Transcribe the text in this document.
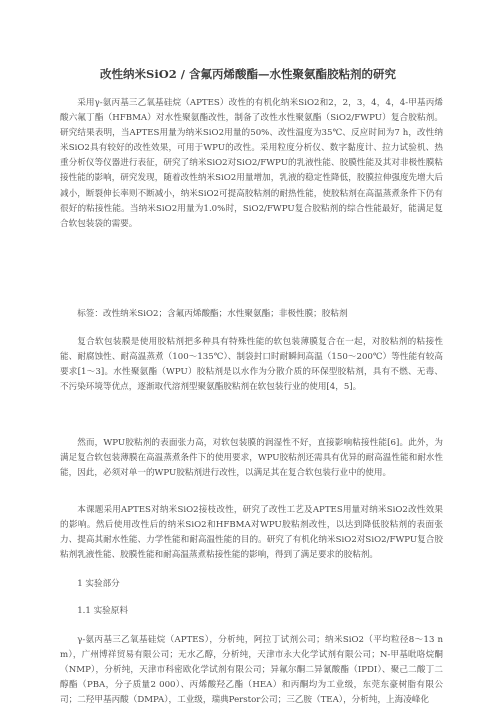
改性纳米SiO2 / 含氟丙烯酸酯—水性聚氨酯胶粘剂的研究

采用γ-氨丙基三乙氧基硅烷（APTES）改性的有机化纳米SiO2和2，2，3，4，4，4-甲基丙烯酸六氟丁酯（HFBMA）对水性聚氨酯改性，制备了改性水性聚氨酯（SiO2/FWPU）复合胶粘剂。研究结果表明，当APTES用量为纳米SiO2用量的50%、改性温度为35℃、反应时间为7 h，改性纳米SiO2具有较好的改性效果，可用于WPU的改性。采用粒度分析仪、数字黏度计、拉力试验机、热重分析仪等仪器进行表征，研究了纳米SiO2对SiO2/FWPU的乳液性能、胶膜性能及其对非极性膜粘接性能的影响，研究发现，随着改性纳米SiO2用量增加，乳液的稳定性降低，胶膜拉伸强度先增大后减小，断裂伸长率则不断减小，纳米SiO2可提高胶粘剂的耐热性能，使胶粘剂在高温蒸煮条件下仍有很好的粘接性能。当纳米SiO2用量为1.0%时，SiO2/FWPU复合胶粘剂的综合性能最好，能满足复合软包装袋的需要。

标签：改性纳米SiO2；含氟丙烯酸酯；水性聚氨酯；非极性膜；胶粘剂

复合软包装膜是使用胶粘剂把多种具有特殊性能的软包装薄膜复合在一起，对胶粘剂的粘接性能、耐腐蚀性、耐高温蒸煮（100～135℃）、制袋封口时耐瞬间高温（150～200℃）等性能有较高要求[1～3]。水性聚氨酯（WPU）胶粘剂是以水作为分散介质的环保型胶粘剂，具有不燃、无毒、不污染环境等优点，逐渐取代溶剂型聚氨酯胶粘剂在软包装行业的使用[4，5]。

然而，WPU胶粘剂的表面张力高，对软包装膜的润湿性不好，直接影响粘接性能[6]。此外，为满足复合软包装薄膜在高温蒸煮条件下的使用要求，WPU胶粘剂还需具有优异的耐高温性能和耐水性能，因此，必须对单一的WPU胶粘剂进行改性，以满足其在复合软包装行业中的使用。

本课题采用APTES对纳米SiO2接枝改性，研究了改性工艺及APTES用量对纳米SiO2改性效果的影响。然后使用改性后的纳米SiO2和HFBMA对WPU胶粘剂改性，以达到降低胶粘剂的表面张力、提高其耐水性能、力学性能和耐高温性能的目的。研究了有机化纳米SiO2对SiO2/FWPU复合胶粘剂乳液性能、胶膜性能和耐高温蒸煮粘接性能的影响，得到了满足要求的胶粘剂。

1 实验部分

1.1 实验原料

γ-氨丙基三乙氧基硅烷（APTES），分析纯，阿拉丁试剂公司；纳米SiO2（平均粒径8～13 nm），广州博祥贸易有限公司；无水乙醇，分析纯，天津市永大化学试剂有限公司；N-甲基吡咯烷酮（NMP），分析纯，天津市科密欧化学试剂有限公司；异氟尔酮二异氰酸酯（IPDI）、聚己二酸丁二醇酯（PBA，分子质量2 000）、丙烯酸羟乙酯（HEA）和丙酮均为工业级，东莞东豪树脂有限公司；二羟甲基丙酸（DMPA），工业级，瑞典Perstor公司；三乙胺（TEA），分析纯，上海凌峰化
